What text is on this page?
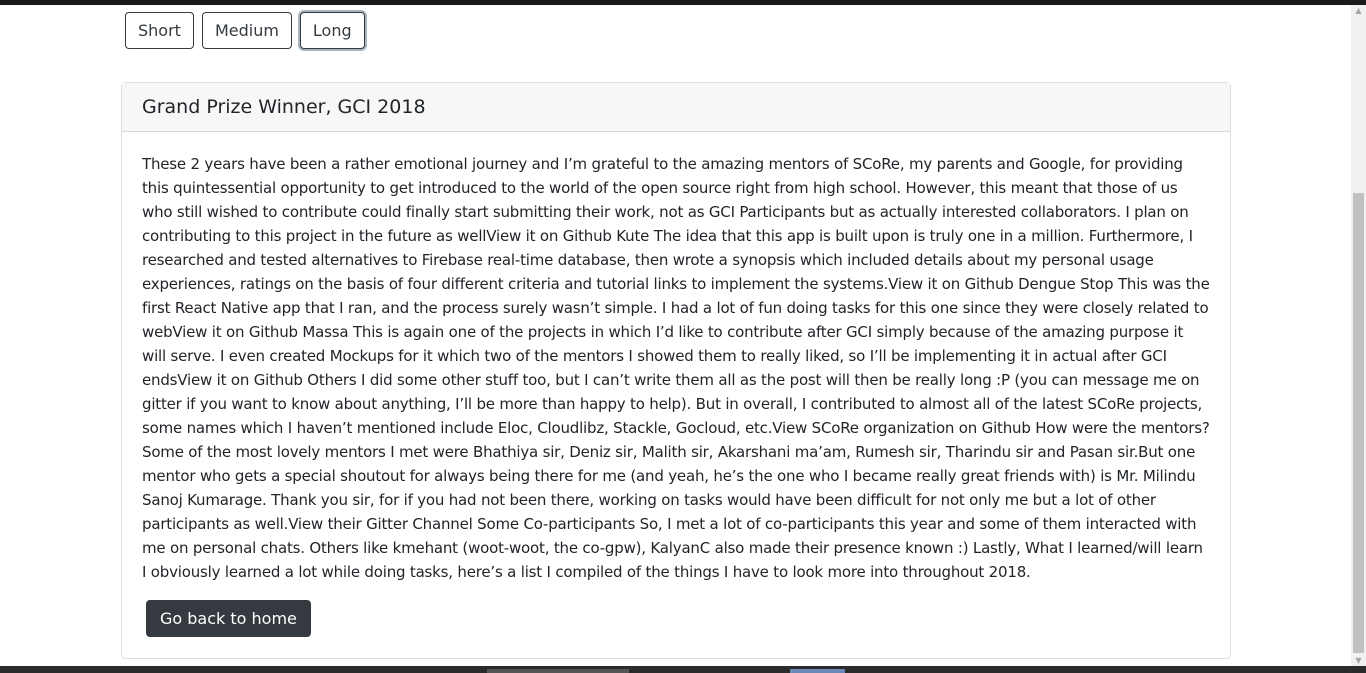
Short	Medium	Long
Grand Prize Winner, GCI 2018

These 2 years have been a rather emotional journey and I’m grateful to the amazing mentors of SCoRe, my parents and Google, for providing this quintessential opportunity to get introduced to the world of the open source right from high school. However, this meant that those of us who still wished to contribute could finally start submitting their work, not as GCI Participants but as actually interested collaborators. I plan on contributing to this project in the future as wellView it on Github Kute The idea that this app is built upon is truly one in a million. Furthermore, I researched and tested alternatives to Firebase real-time database, then wrote a synopsis which included details about my personal usage experiences, ratings on the basis of four different criteria and tutorial links to implement the systems.View it on Github Dengue Stop This was the first React Native app that I ran, and the process surely wasn’t simple. I had a lot of fun doing tasks for this one since they were closely related to webView it on Github Massa This is again one of the projects in which I’d like to contribute after GCI simply because of the amazing purpose it will serve. I even created Mockups for it which two of the mentors I showed them to really liked, so I’ll be implementing it in actual after GCI endsView it on Github Others I did some other stuff too, but I can’t write them all as the post will then be really long :P (you can message me on gitter if you want to know about anything, I’ll be more than happy to help). But in overall, I contributed to almost all of the latest SCoRe projects, some names which I haven’t mentioned include Eloc, Cloudlibz, Stackle, Gocloud, etc.View SCoRe organization on Github How were the mentors? Some of the most lovely mentors I met were Bhathiya sir, Deniz sir, Malith sir, Akarshani ma’am, Rumesh sir, Tharindu sir and Pasan sir.But one mentor who gets a special shoutout for always being there for me (and yeah, he’s the one who I became really great friends with) is Mr. Milindu Sanoj Kumarage. Thank you sir, for if you had not been there, working on tasks would have been difficult for not only me but a lot of other participants as well.View their Gitter Channel Some Co-participants So, I met a lot of co-participants this year and some of them interacted with me on personal chats. Others like kmehant (woot-woot, the co-gpw), KalyanC also made their presence known :) Lastly, What I learned/will learn I obviously learned a lot while doing tasks, here’s a list I compiled of the things I have to look more into throughout 2018.

Go back to home
▲
▼
